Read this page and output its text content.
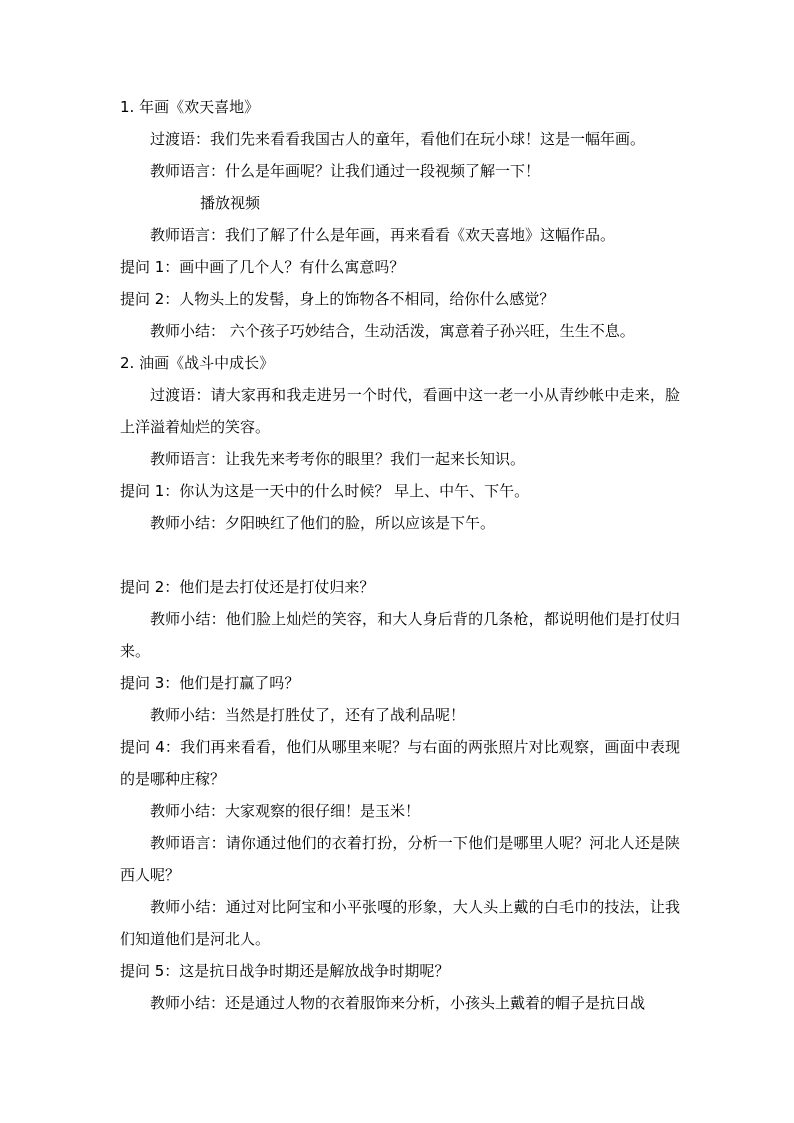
1. 年画《欢天喜地》
过渡语：我们先来看看我国古人的童年，看他们在玩小球！这是一幅年画。
教师语言：什么是年画呢？让我们通过一段视频了解一下！
播放视频
教师语言：我们了解了什么是年画，再来看看《欢天喜地》这幅作品。
提问 1：画中画了几个人？有什么寓意吗？
提问 2：人物头上的发髻，身上的饰物各不相同，给你什么感觉？
教师小结： 六个孩子巧妙结合，生动活泼，寓意着子孙兴旺，生生不息。
2. 油画《战斗中成长》
过渡语：请大家再和我走进另一个时代，看画中这一老一小从青纱帐中走来，脸上洋溢着灿烂的笑容。
教师语言：让我先来考考你的眼里？我们一起来长知识。
提问 1：你认为这是一天中的什么时候？ 早上、中午、下午。
教师小结：夕阳映红了他们的脸，所以应该是下午。
提问 2：他们是去打仗还是打仗归来？
教师小结：他们脸上灿烂的笑容，和大人身后背的几条枪，都说明他们是打仗归来。
提问 3：他们是打赢了吗？
教师小结：当然是打胜仗了，还有了战利品呢！
提问 4：我们再来看看，他们从哪里来呢？与右面的两张照片对比观察，画面中表现的是哪种庄稼？
教师小结：大家观察的很仔细！是玉米！
教师语言：请你通过他们的衣着打扮，分析一下他们是哪里人呢？河北人还是陕西人呢？
教师小结：通过对比阿宝和小平张嘎的形象，大人头上戴的白毛巾的技法，让我们知道他们是河北人。
提问 5：这是抗日战争时期还是解放战争时期呢？
教师小结：还是通过人物的衣着服饰来分析，小孩头上戴着的帽子是抗日战
